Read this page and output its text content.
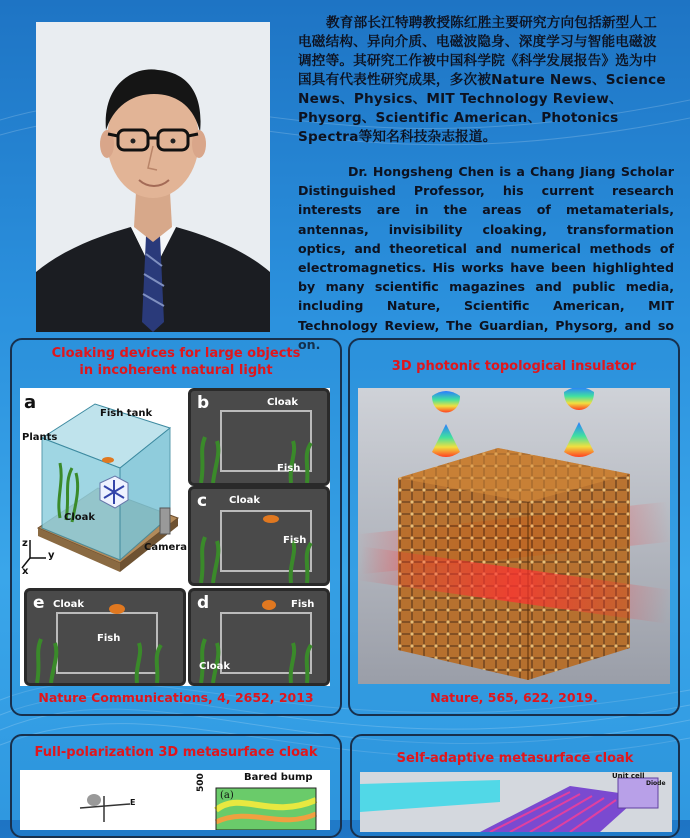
教育部长江特聘教授陈红胜主要研究方向包括新型人工电磁结构、异向介质、电磁波隐身、深度学习与智能电磁波调控等。其研究工作被中国科学院《科学发展报告》选为中国具有代表性研究成果，多次被Nature News、Science News、Physics、MIT Technology Review、Physorg、Scientific American、Photonics Spectra等知名科技杂志报道。

Dr. Hongsheng Chen is a Chang Jiang Scholar Distinguished Professor, his current research interests are in the areas of metamaterials, antennas, invisibility cloaking, transformation optics, and theoretical and numerical methods of electromagnetics. His works have been highlighted by many scientific magazines and public media, including Nature, Scientific American, MIT Technology Review, The Guardian, Physorg, and so on.

Cloaking devices for large objects
in incoherent natural light
a
Fish tank
Plants
Cloak
Camera
z
x
y
b	Cloak
Fish
c Cloak
Fish
e Cloak
Fish
d	Fish
Cloak
Nature Communications, 4, 2652, 2013
3D photonic topological insulator
Nature, 565, 622, 2019.
Full-polarization 3D metasurface cloak
E
Bared bump
500
(a)
Self-adaptive metasurface cloak
Unit cell
Diode
